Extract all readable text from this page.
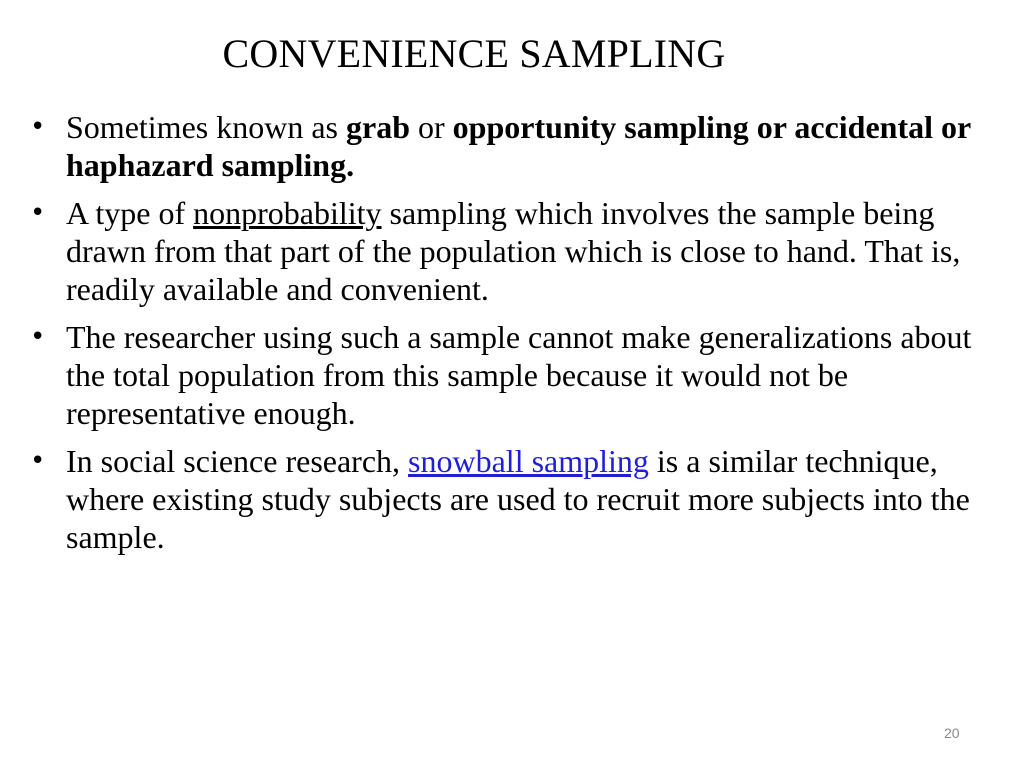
CONVENIENCE SAMPLING
• Sometimes known as grab or opportunity sampling or accidental or haphazard sampling.
• A type of nonprobability sampling which involves the sample being drawn from that part of the population which is close to hand. That is, readily available and convenient.
• The researcher using such a sample cannot make generalizations about the total population from this sample because it would not be representative enough.
• In social science research, snowball sampling is a similar technique, where existing study subjects are used to recruit more subjects into the sample.
20
